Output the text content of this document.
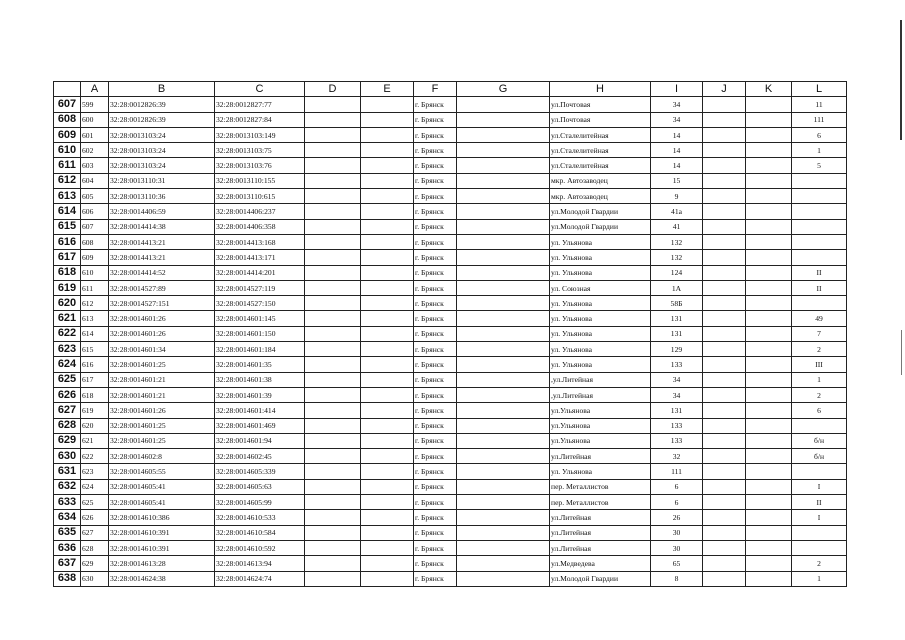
	A	B	C	D	E	F	G	H	I	J	K	L
607	599	32:28:0012826:39	32:28:0012827:77			г. Брянск		ул.Почтовая	34			11
608	600	32:28:0012826:39	32:28:0012827:84			г. Брянск		ул.Почтовая	34			111
609	601	32:28:0013103:24	32:28:0013103:149			г. Брянск		ул.Сталелитейная	14			6
610	602	32:28:0013103:24	32:28:0013103:75			г. Брянск		ул.Сталелитейная	14			1
611	603	32:28:0013103:24	32:28:0013103:76			г. Брянск		ул.Сталелитейная	14			5
612	604	32:28:0013110:31	32:28:0013110:155			г. Брянск		мкр. Автозаводец	15			
613	605	32:28:0013110:36	32:28:0013110:615			г. Брянск		мкр. Автозаводец	9			
614	606	32:28:0014406:59	32:28:0014406:237			г. Брянск		ул.Молодой Гвардии	41а			
615	607	32:28:0014414:38	32:28:0014406:358			г. Брянск		ул.Молодой Гвардии	41			
616	608	32:28:0014413:21	32:28:0014413:168			г. Брянск		ул. Ульянова	132			
617	609	32:28:0014413:21	32:28:0014413:171			г. Брянск		ул. Ульянова	132			
618	610	32:28:0014414:52	32:28:0014414:201			г. Брянск		ул. Ульянова	124			II
619	611	32:28:0014527:89	32:28:0014527:119			г. Брянск		ул. Союзная	1А			II
620	612	32:28:0014527:151	32:28:0014527:150			г. Брянск		ул. Ульянова	58Б			
621	613	32:28:0014601:26	32:28:0014601:145			г. Брянск		ул. Ульянова	131			49
622	614	32:28:0014601:26	32:28:0014601:150			г. Брянск		ул. Ульянова	131			7
623	615	32:28:0014601:34	32:28:0014601:184			г. Брянск		ул. Ульянова	129			2
624	616	32:28:0014601:25	32:28:0014601:35			г. Брянск		ул. Ульянова	133			III
625	617	32:28:0014601:21	32:28:0014601:38			г. Брянск		,ул.Литейная	34			1
626	618	32:28:0014601:21	32:28:0014601:39			г. Брянск		,ул.Литейная	34			2
627	619	32:28:0014601:26	32:28:0014601:414			г. Брянск		ул.Ульянова	131			6
628	620	32:28:0014601:25	32:28:0014601:469			г. Брянск		ул.Ульянова	133			
629	621	32:28:0014601:25	32:28:0014601:94			г. Брянск		ул.Ульянова	133			б/н
630	622	32:28:0014602:8	32:28:0014602:45			г. Брянск		ул.Литейная	32			б/н
631	623	32:28:0014605:55	32:28:0014605:339			г. Брянск		ул. Ульянова	111			
632	624	32:28:0014605:41	32:28:0014605:63			г. Брянск		пер. Металлистов	6			I
633	625	32:28:0014605:41	32:28:0014605:99			г. Брянск		пер. Металлистов	6			II
634	626	32:28:0014610:386	32:28:0014610:533			г. Брянск		ул.Литейная	26			I
635	627	32:28:0014610:391	32:28:0014610:584			г. Брянск		ул.Литейная	30			
636	628	32:28:0014610:391	32:28:0014610:592			г. Брянск		ул.Литейная	30			
637	629	32:28:0014613:28	32:28:0014613:94			г. Брянск		ул.Медведева	65			2
638	630	32:28:0014624:38	32:28:0014624:74			г. Брянск		ул.Молодой Гвардии	8			1
